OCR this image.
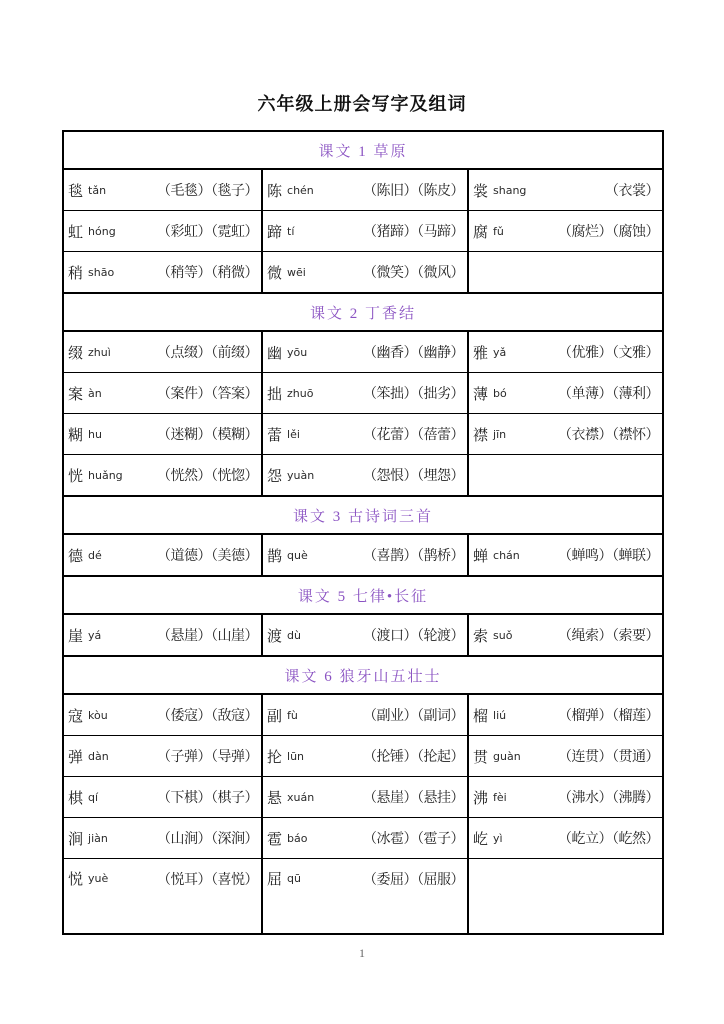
六年级上册会写字及组词
课文 1 草原		

毯 tǎn （毛毯）（毯子）	陈 chén （陈旧）（陈皮）	裳 shang （衣裳）

虹 hóng （彩虹）（霓虹）	蹄 tí （猪蹄）（马蹄）	腐 fǔ （腐烂）（腐蚀）

稍 shāo （稍等）（稍微）	微 wēi （微笑）（微风）	

课文 2 丁香结		

缀 zhuì （点缀）（前缀）	幽 yōu （幽香）（幽静）	雅 yǎ （优雅）（文雅）

案 àn （案件）（答案）	拙 zhuō （笨拙）（拙劣）	薄 bó （单薄）（薄利）

糊 hu （迷糊）（模糊）	蕾 lěi （花蕾）（蓓蕾）	襟 jīn （衣襟）（襟怀）

恍 huǎng （恍然）（恍惚）	怨 yuàn （怨恨）（埋怨）	

课文 3 古诗词三首		

德 dé （道德）（美德）	鹊 què （喜鹊）（鹊桥）	蝉 chán （蝉鸣）（蝉联）

课文 5 七律•长征		

崖 yá （悬崖）（山崖）	渡 dù （渡口）（轮渡）	索 suǒ （绳索）（索要）

课文 6 狼牙山五壮士		

寇 kòu （倭寇）（敌寇）	副 fù （副业）（副词）	榴 liú （榴弹）（榴莲）

弹 dàn （子弹）（导弹）	抡 lūn （抡锤）（抡起）	贯 guàn （连贯）（贯通）

棋 qí （下棋）（棋子）	悬 xuán （悬崖）（悬挂）	沸 fèi （沸水）（沸腾）

涧 jiàn （山涧）（深涧）	雹 báo （冰雹）（雹子）	屹 yì （屹立）（屹然）

悦 yuè （悦耳）（喜悦）	屈 qū （委屈）（屈服）	

1
